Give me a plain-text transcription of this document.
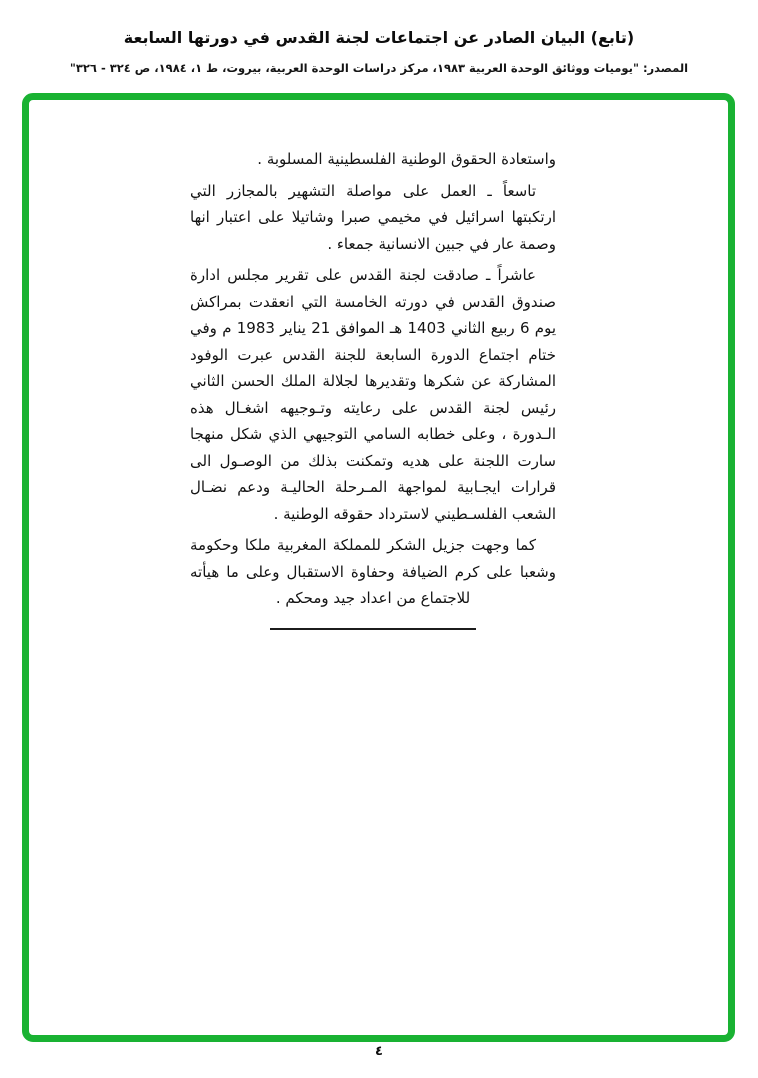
(تابع) البيان الصادر عن اجتماعات لجنة القدس في دورتها السابعة
المصدر: "يوميات ووثائق الوحدة العربية ١٩٨٣، مركز دراسات الوحدة العربية، بيروت، ط ١، ١٩٨٤، ص ٣٢٤ - ٣٢٦"

واستعادة الحقوق الوطنية الفلسطينية المسلوبة .

تاسعاً ـ العمل على مواصلة التشهير بالمجازر التي ارتكبتها اسرائيل في مخيمي صبرا وشاتيلا على اعتبار انها وصمة عار في جبين الانسانية جمعاء .

عاشراً ـ صادقت لجنة القدس على تقرير مجلس ادارة صندوق القدس في دورته الخامسة التي انعقدت بمراكش يوم 6 ربيع الثاني 1403 هـ الموافق 21 يناير 1983 م وفي ختام اجتماع الدورة السابعة للجنة القدس عبرت الوفود المشاركة عن شكرها وتقديرها لجلالة الملك الحسن الثاني رئيس لجنة القدس على رعايته وتـوجيهه اشغـال هذه الـدورة ، وعلى خطابه السامي التوجيهي الذي شكل منهجا سارت اللجنة على هديه وتمكنت بذلك من الوصـول الى قرارات ايجـابية لمواجهة المـرحلة الحاليـة ودعم نضـال الشعب الفلسـطيني لاسترداد حقوقه الوطنية .

كما وجهت جزيل الشكر للمملكة المغربية ملكا وحكومة وشعبا على كرم الضيافة وحفاوة الاستقبال وعلى ما هيأته للاجتماع من اعداد جيد ومحكم .

٤
